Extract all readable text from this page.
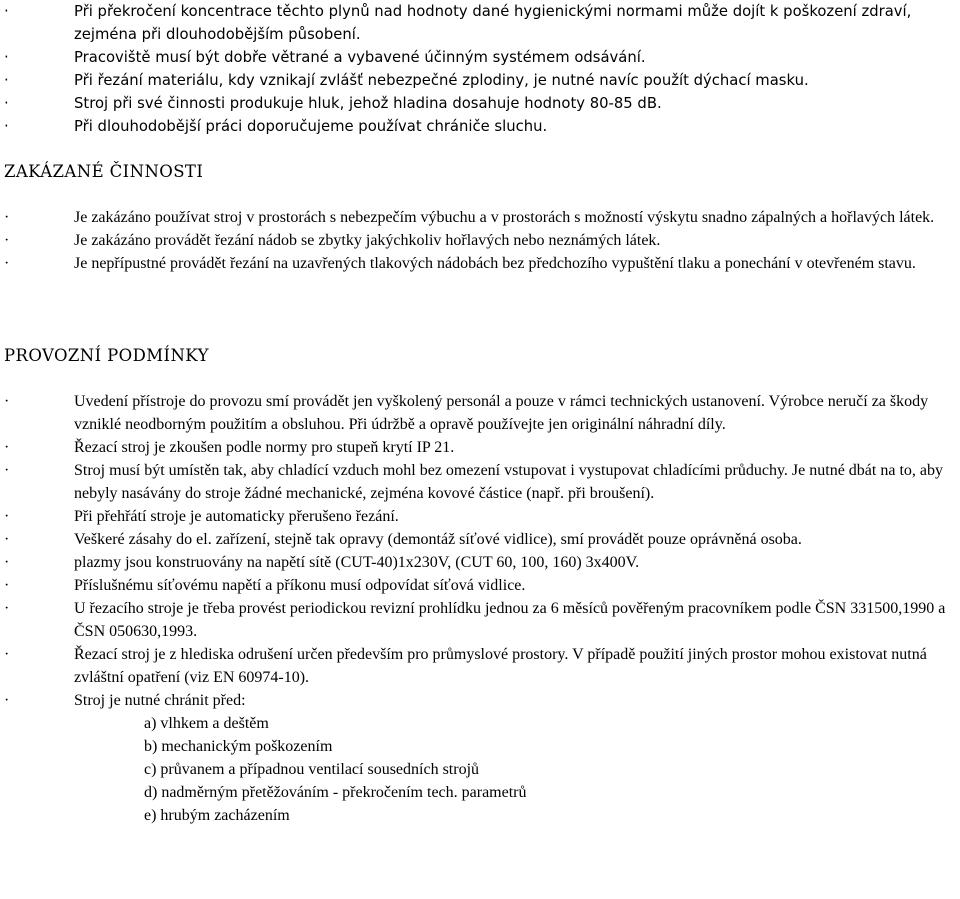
·	Při překročení koncentrace těchto plynů nad hodnoty dané hygienickými normami může dojít k poškození zdraví, zejména při dlouhodobějším působení.
·	Pracoviště musí být dobře větrané a vybavené účinným systémem odsávání.
·	Při řezání materiálu, kdy vznikají zvlášť nebezpečné zplodiny, je nutné navíc použít dýchací masku.
·	Stroj při své činnosti produkuje hluk, jehož hladina dosahuje hodnoty 80-85 dB.
·	Při dlouhodobější práci doporučujeme používat chrániče sluchu.
ZAKÁZANÉ ČINNOSTI
·	Je zakázáno používat stroj v prostorách s nebezpečím výbuchu a v prostorách s možností výskytu snadno zápalných a hořlavých látek.
·	Je zakázáno provádět řezání nádob se zbytky jakýchkoliv hořlavých nebo neznámých látek.
·	Je nepřípustné provádět řezání na uzavřených tlakových nádobách bez předchozího vypuštění tlaku a ponechání v otevřeném stavu.
PROVOZNÍ PODMÍNKY
·	Uvedení přístroje do provozu smí provádět jen vyškolený personál a pouze v rámci technických ustanovení. Výrobce neručí za škody vzniklé neodborným použitím a obsluhou. Při údržbě a opravě používejte jen originální náhradní díly.
·	Řezací stroj je zkoušen podle normy pro stupeň krytí IP 21.
·	Stroj musí být umístěn tak, aby chladící vzduch mohl bez omezení vstupovat i vystupovat chladícími průduchy. Je nutné dbát na to, aby nebyly nasávány do stroje žádné mechanické, zejména kovové částice (např. při broušení).
·	Při přehřátí stroje je automaticky přerušeno řezání.
·	Veškeré zásahy do el. zařízení, stejně tak opravy (demontáž síťové vidlice), smí provádět pouze oprávněná osoba.
·	plazmy jsou konstruovány na napětí sítě (CUT-40)1x230V, (CUT 60, 100, 160) 3x400V.
·	Příslušnému síťovému napětí a příkonu musí odpovídat síťová vidlice.
·	U řezacího stroje je třeba provést periodickou revizní prohlídku jednou za 6 měsíců pověřeným pracovníkem podle ČSN 331500,1990 a ČSN 050630,1993.
·	Řezací stroj je z hlediska odrušení určen především pro průmyslové prostory. V případě použití jiných prostor mohou existovat nutná zvláštní opatření (viz EN 60974-10).
·	Stroj je nutné chránit před:
a) vlhkem a deštěm
b) mechanickým poškozením
c) průvanem a případnou ventilací sousedních strojů
d) nadměrným přetěžováním - překročením tech. parametrů
e) hrubým zacházením
